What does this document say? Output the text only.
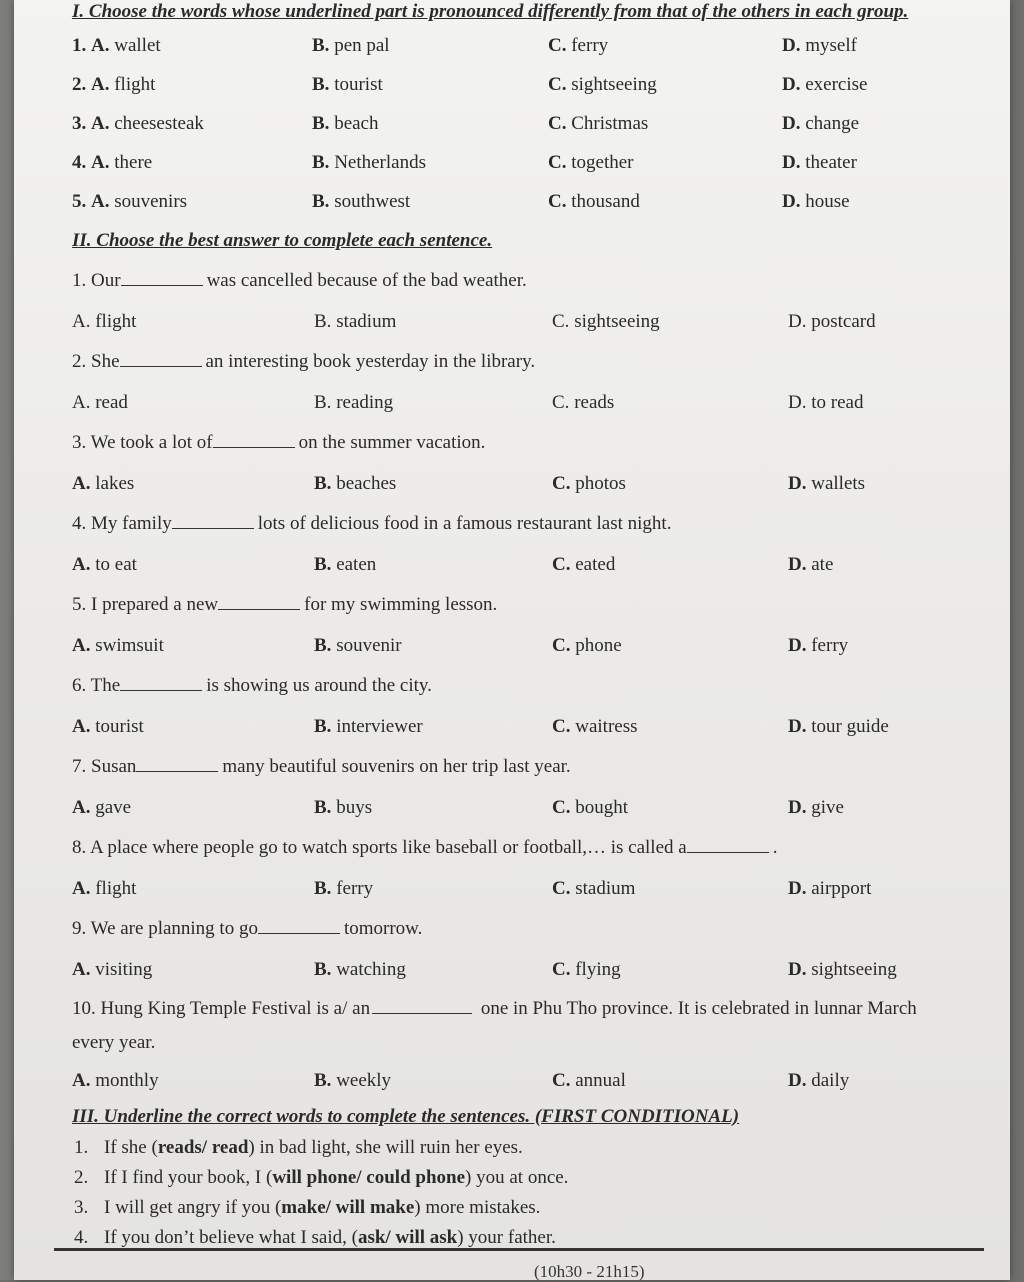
I. Choose the words whose underlined part is pronounced differently from that of the others in each group.

1. A. wallet	B. pen pal	C. ferry	D. myself
2. A. flight	B. tourist	C. sightseeing	D. exercise
3. A. cheesesteak	B. beach	C. Christmas	D. change
4. A. there	B. Netherlands	C. together	D. theater
5. A. souvenirs	B. southwest	C. thousand	D. house

II. Choose the best answer to complete each sentence.

1. Our	was cancelled because of the bad weather.
A. flight	B. stadium	C. sightseeing	D. postcard
2. She	an interesting book yesterday in the library.
A. read	B. reading	C. reads	D. to read
3. We took a lot of	on the summer vacation.
A. lakes	B. beaches	C. photos	D. wallets
4. My family	lots of delicious food in a famous restaurant last night.
A. to eat	B. eaten	C. eated	D. ate
5. I prepared a new	for my swimming lesson.
A. swimsuit	B. souvenir	C. phone	D. ferry
6. The	is showing us around the city.
A. tourist	B. interviewer	C. waitress	D. tour guide
7. Susan	many beautiful souvenirs on her trip last year.
A. gave	B. buys	C. bought	D. give
8. A place where people go to watch sports like baseball or football,… is called a	.
A. flight	B. ferry	C. stadium	D. airpport
9. We are planning to go	tomorrow.
A. visiting	B. watching	C. flying	D. sightseeing
10. Hung King Temple Festival is a/ an	one in Phu Tho province. It is celebrated in lunnar March
every year.
A. monthly	B. weekly	C. annual	D. daily

III. Underline the correct words to complete the sentences. (FIRST CONDITIONAL)

1. If she (reads/ read) in bad light, she will ruin her eyes.
2. If I find your book, I (will phone/ could phone) you at once.
3. I will get angry if you (make/ will make) more mistakes.
4. If you don’t believe what I said, (ask/ will ask) your father.
(10h30 - 21h15)
